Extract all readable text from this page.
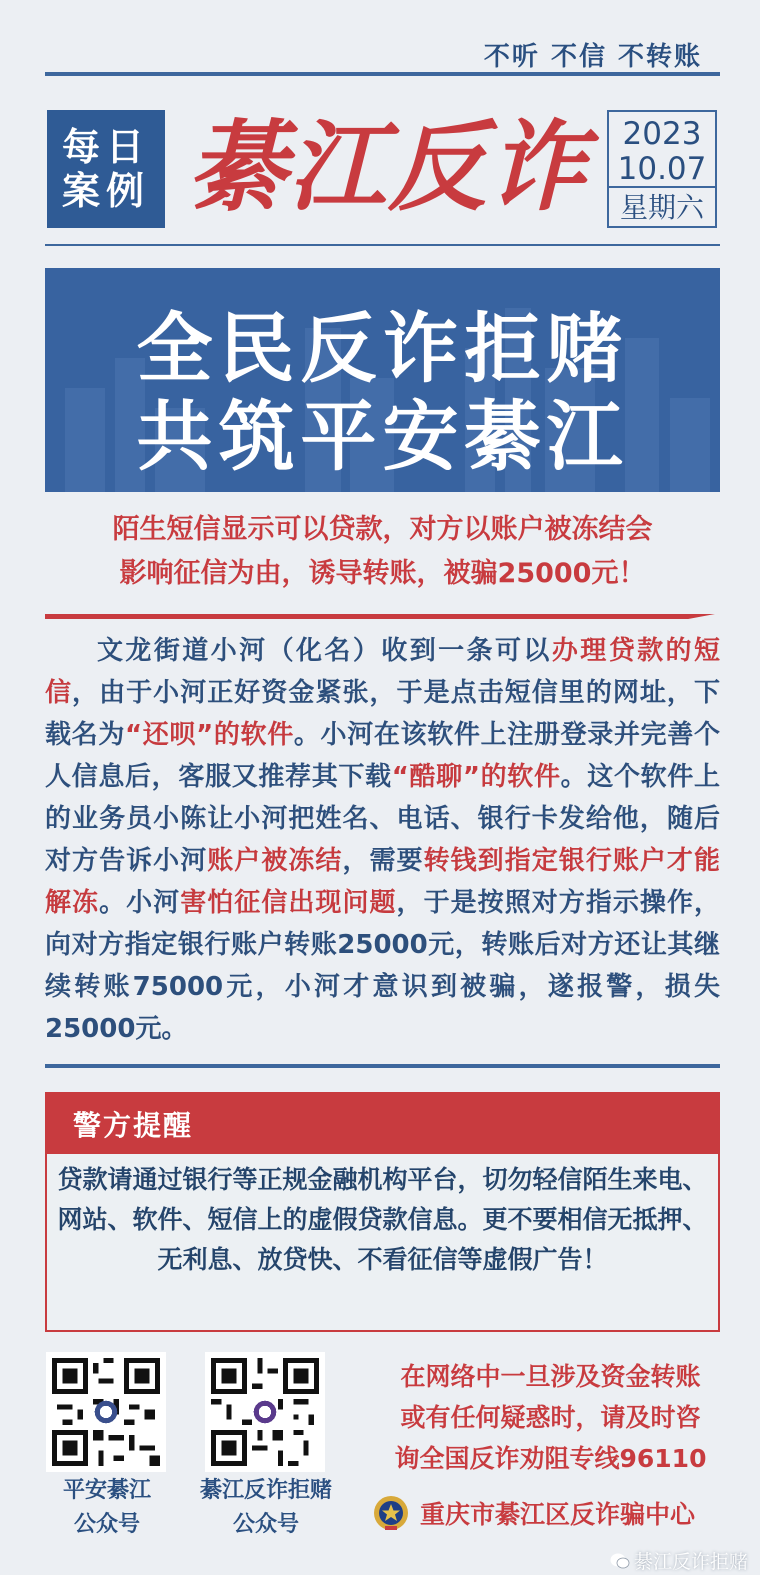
不听 不信 不转账
每日
案例 綦江反诈	2023
10.07
星期六
全民反诈拒赌
共筑平安綦江
陌生短信显示可以贷款，对方以账户被冻结会
影响征信为由，诱导转账，被骗25000元！
文龙街道小河（化名）收到一条可以办理贷款的短信，由于小河正好资金紧张，于是点击短信里的网址，下载名为“还呗”的软件。小河在该软件上注册登录并完善个人信息后，客服又推荐其下载“酷聊”的软件。这个软件上的业务员小陈让小河把姓名、电话、银行卡发给他，随后对方告诉小河账户被冻结，需要转钱到指定银行账户才能解冻。小河害怕征信出现问题，于是按照对方指示操作，向对方指定银行账户转账25000元，转账后对方还让其继续转账75000元，小河才意识到被骗，遂报警，损失25000元。
警方提醒
贷款请通过银行等正规金融机构平台，切勿轻信陌生来电、网站、软件、短信上的虚假贷款信息。更不要相信无抵押、无利息、放贷快、不看征信等虚假广告！
平安綦江
公众号
綦江反诈拒赌
公众号
在网络中一旦涉及资金转账
或有任何疑惑时，请及时咨
询全国反诈劝阻专线96110
重庆市綦江区反诈骗中心
綦江反诈拒赌
